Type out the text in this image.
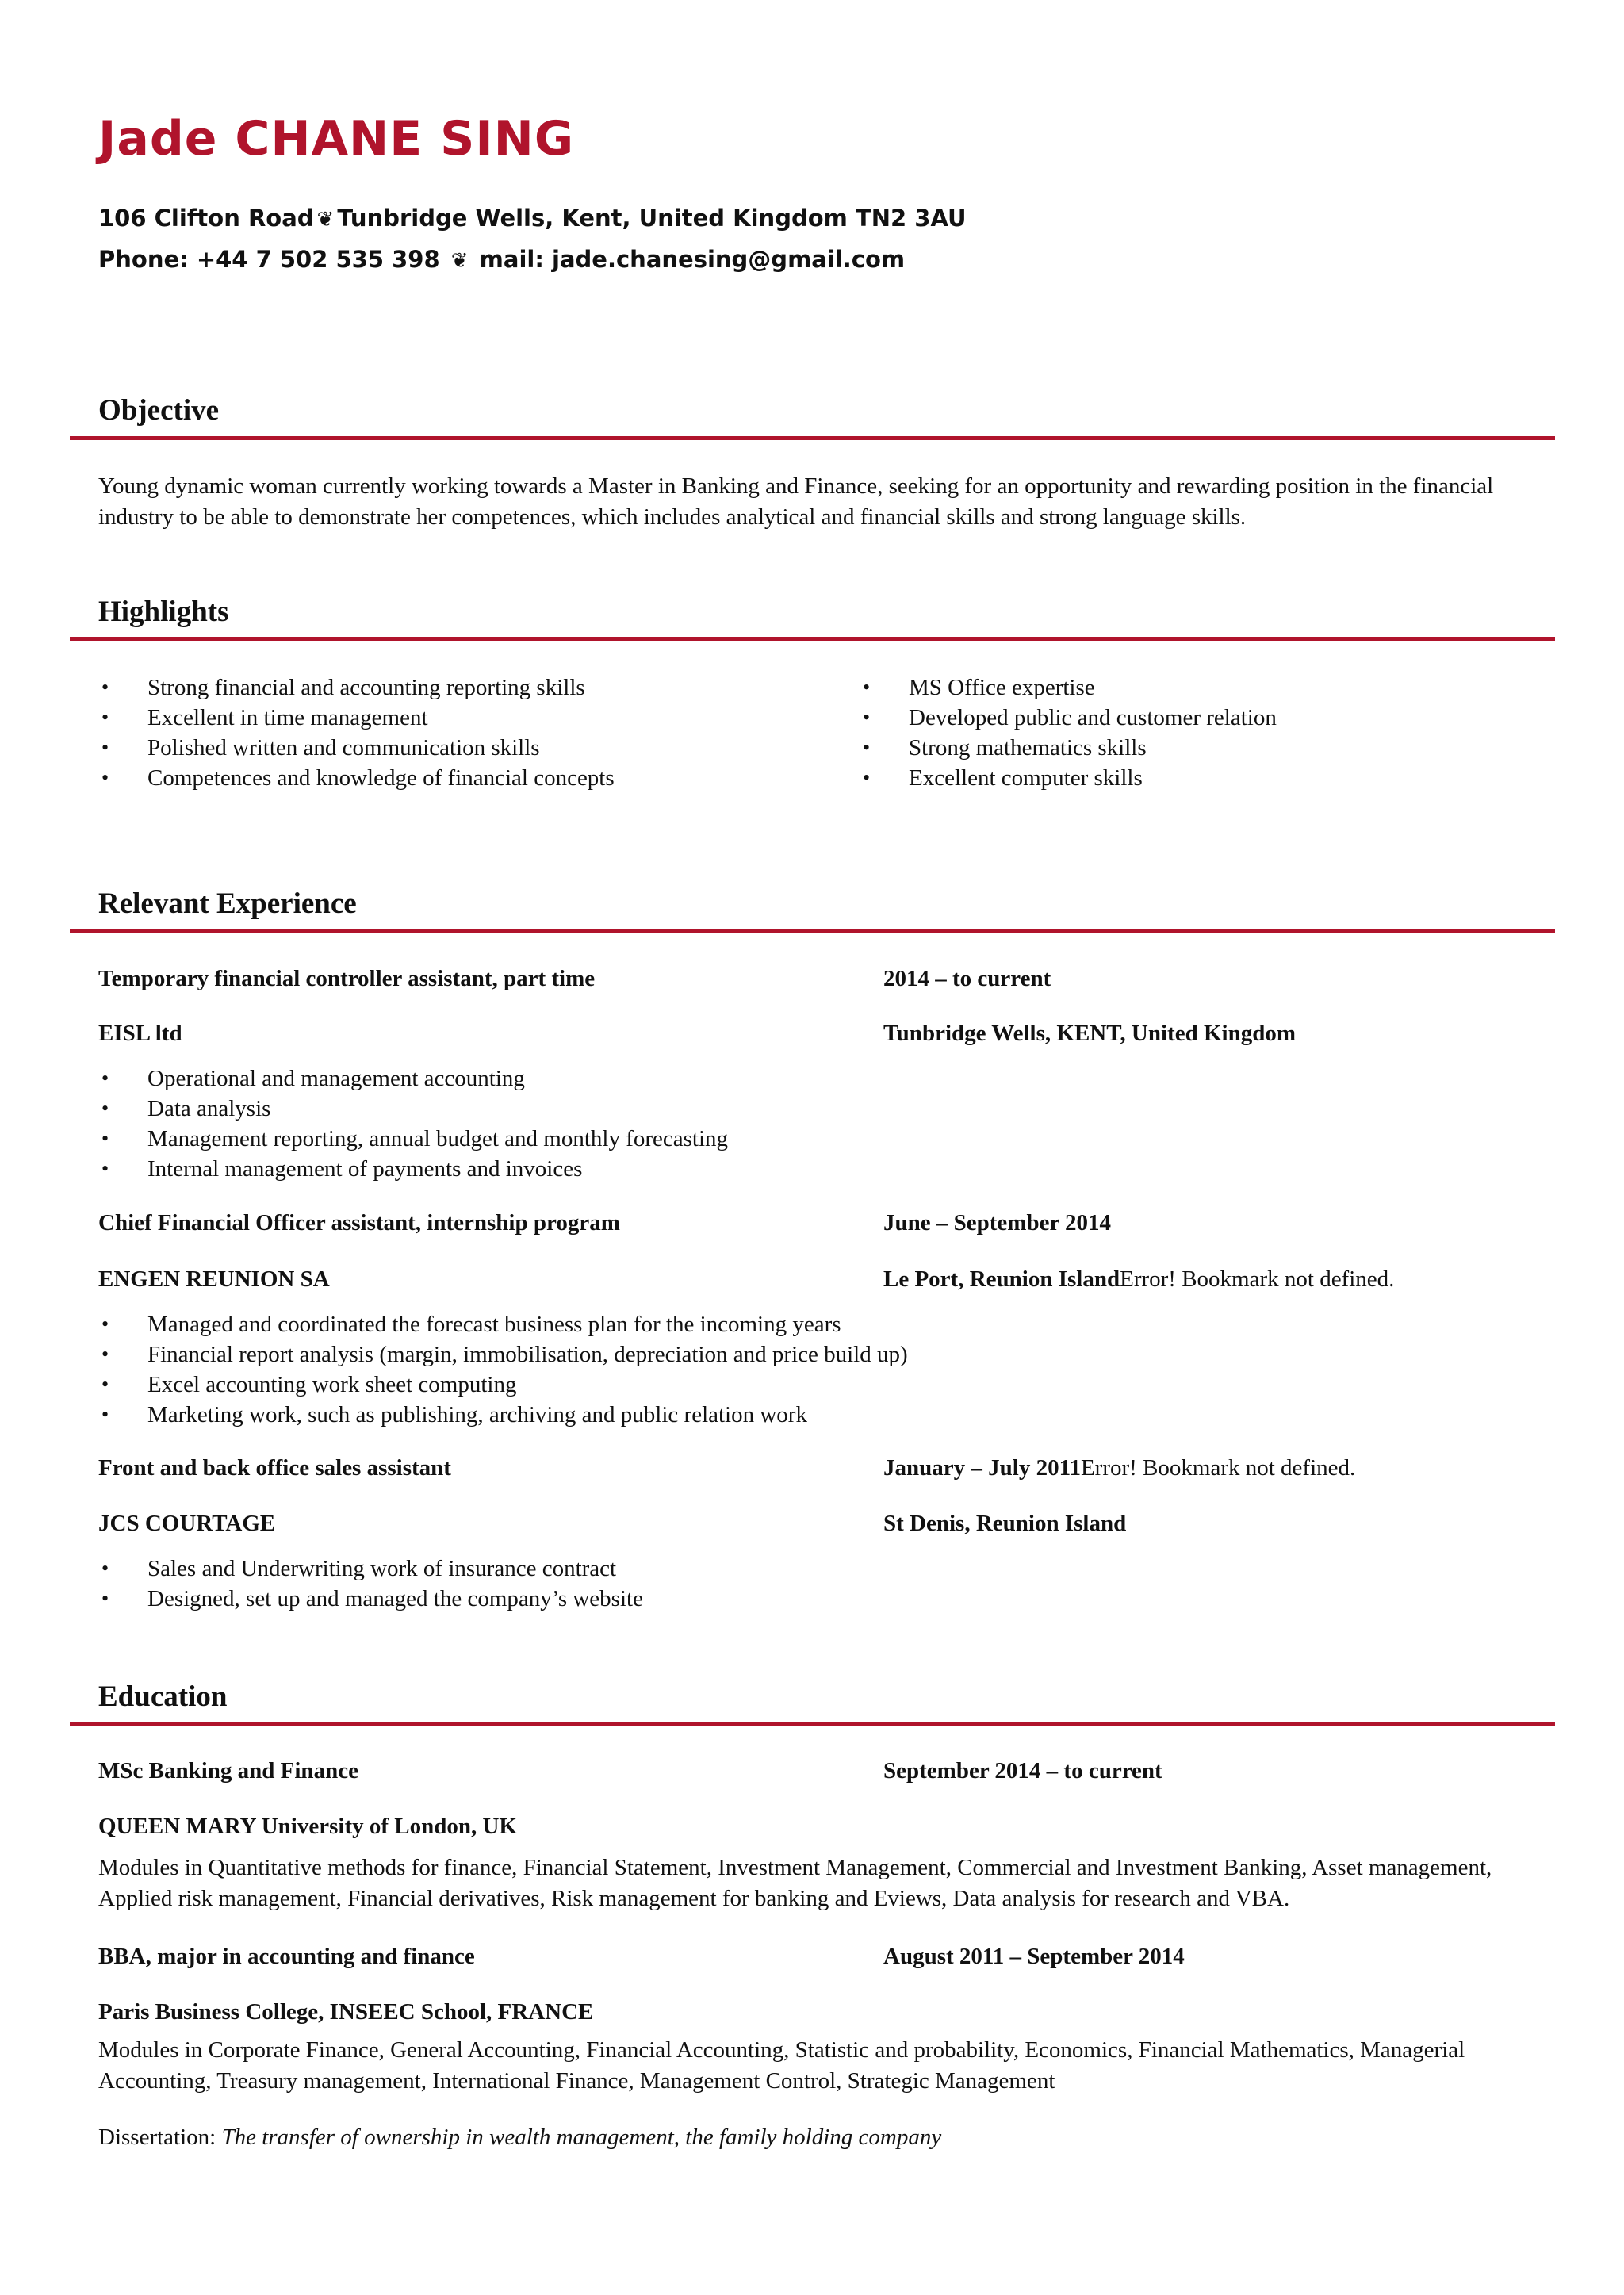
Jade CHANE SING
106 Clifton Road ❦ Tunbridge Wells, Kent, United Kingdom TN2 3AU
Phone: +44 7 502 535 398 ❦ mail: jade.chanesing@gmail.com
Objective

Young dynamic woman currently working towards a Master in Banking and Finance, seeking for an opportunity and rewarding position in the financial industry to be able to demonstrate her competences, which includes analytical and financial skills and strong language skills.

Highlights
• Strong financial and accounting reporting skills
• Excellent in time management
• Polished written and communication skills
• Competences and knowledge of financial concepts
• MS Office expertise
• Developed public and customer relation
• Strong mathematics skills
• Excellent computer skills
Relevant Experience
Temporary financial controller assistant, part time	2014 – to current
EISL ltd	Tunbridge Wells, KENT, United Kingdom
• Operational and management accounting
• Data analysis
• Management reporting, annual budget and monthly forecasting
• Internal management of payments and invoices
Chief Financial Officer assistant, internship program	June – September 2014
ENGEN REUNION SA	Le Port, Reunion IslandError! Bookmark not defined.
• Managed and coordinated the forecast business plan for the incoming years
• Financial report analysis (margin, immobilisation, depreciation and price build up)
• Excel accounting work sheet computing
• Marketing work, such as publishing, archiving and public relation work
Front and back office sales assistant	January – July 2011Error! Bookmark not defined.
JCS COURTAGE	St Denis, Reunion Island
• Sales and Underwriting work of insurance contract
• Designed, set up and managed the company’s website
Education
MSc Banking and Finance	September 2014 – to current
QUEEN MARY University of London, UK

Modules in Quantitative methods for finance, Financial Statement, Investment Management, Commercial and Investment Banking, Asset management, Applied risk management, Financial derivatives, Risk management for banking and Eviews, Data analysis for research and VBA.

BBA, major in accounting and finance	August 2011 – September 2014
Paris Business College, INSEEC School, FRANCE

Modules in Corporate Finance, General Accounting, Financial Accounting, Statistic and probability, Economics, Financial Mathematics, Managerial Accounting, Treasury management, International Finance, Management Control, Strategic Management

Dissertation: The transfer of ownership in wealth management, the family holding company
